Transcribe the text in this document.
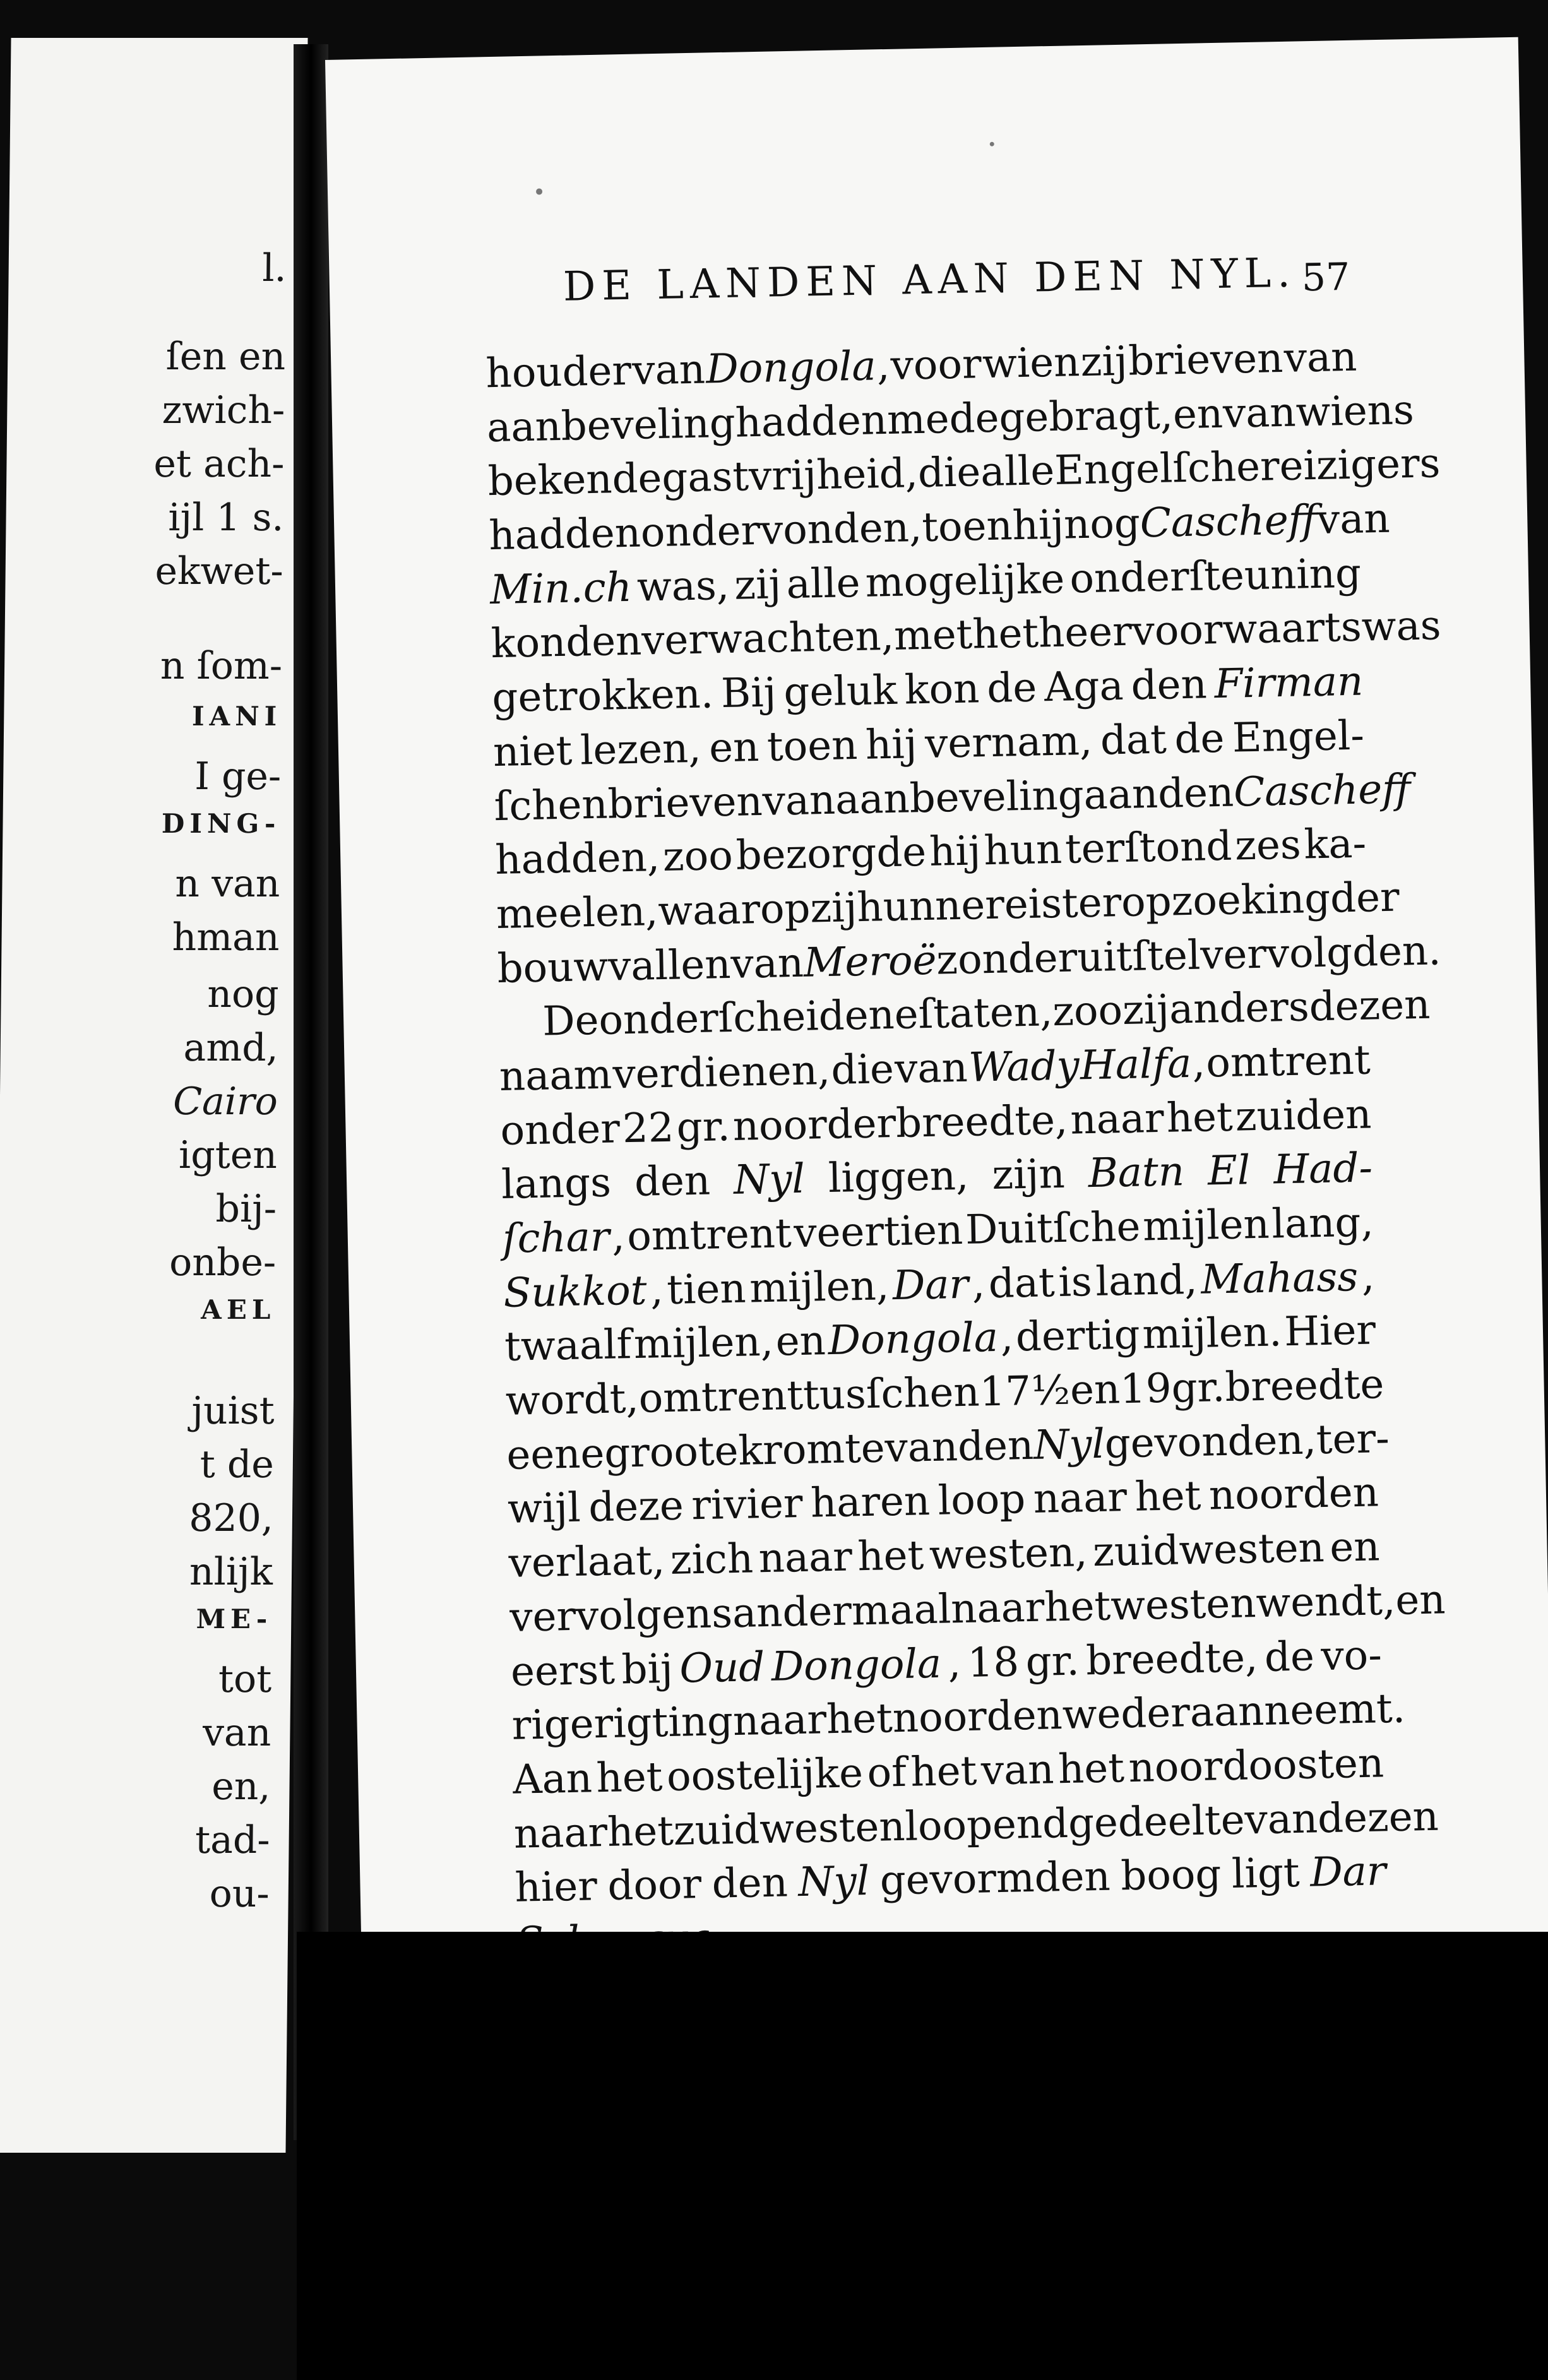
l.
ſen en
zwich-
et ach-
ijl 1 s.
ekwet-
n ſom-
IANI
I ge-
DING-
n van
hman
nog
amd,
Cairo
igten
bij-
onbe-
AEL
juist
t de
820,
nlijk
ME-
tot
van
en,
tad-
ou-
DE LANDEN AAN DEN NYL. 57
houder van Dongola , voor wien zij brieven van
aanbeveling
hadden
medegebragt,
en
van
wiens
bekende
gastvrijheid,
die
alle
Engelſche
reizigers
hadden
ondervonden,
toen
hij
nog
Cascheff
van
Min.ch was, zij alle mogelijke onderſteuning
konden
verwachten,
met
het
heer
voorwaarts
was
getrokken. Bij geluk kon de Aga den Firman
niet lezen, en toen hij vernam, dat de Engel-
ſchen
brieven
van
aanbeveling
aan
den
Cascheff
hadden, zoo bezorgde hij hun terſtond zes ka-
meelen,
waarop
zij
hunne
reis
ter
opzoeking
der
bouwvallen
van
Meroë
zonder
uitſtel
vervolgden.
De
onderſcheidene
ſtaten,
zoo
zij
anders
dezen
naam verdienen, die van Wady Halfa , omtrent
onder 22 gr. noorderbreedte, naar het zuiden
langs den Nyl liggen, zijn Batn El Had-
ſchar , omtrent veertien Duitſche mijlen lang,
Sukkot , tien mijlen, Dar , dat is land, Mahass ,
twaalf mijlen, en Dongola , dertig mijlen. Hier
wordt,
omtrent
tusſchen
17½
en
19
gr.
breedte
eene
groote
kromte
van
den
Nyl
gevonden,
ter-
wijl deze rivier haren loop naar het noorden
verlaat, zich naar het westen, zuidwesten en
vervolgens
andermaal
naar
het
westen
wendt,
en
eerst bij Oud Dongola , 18 gr. breedte, de vo-
rige
rigting
naar
het
noorden
weder
aanneemt.
Aan het oostelijke of het van het noordoosten
naar
het
zuidwesten
loopend
gedeelte
van
dezen
hier door den Nyl gevormden boog ligt Dar
